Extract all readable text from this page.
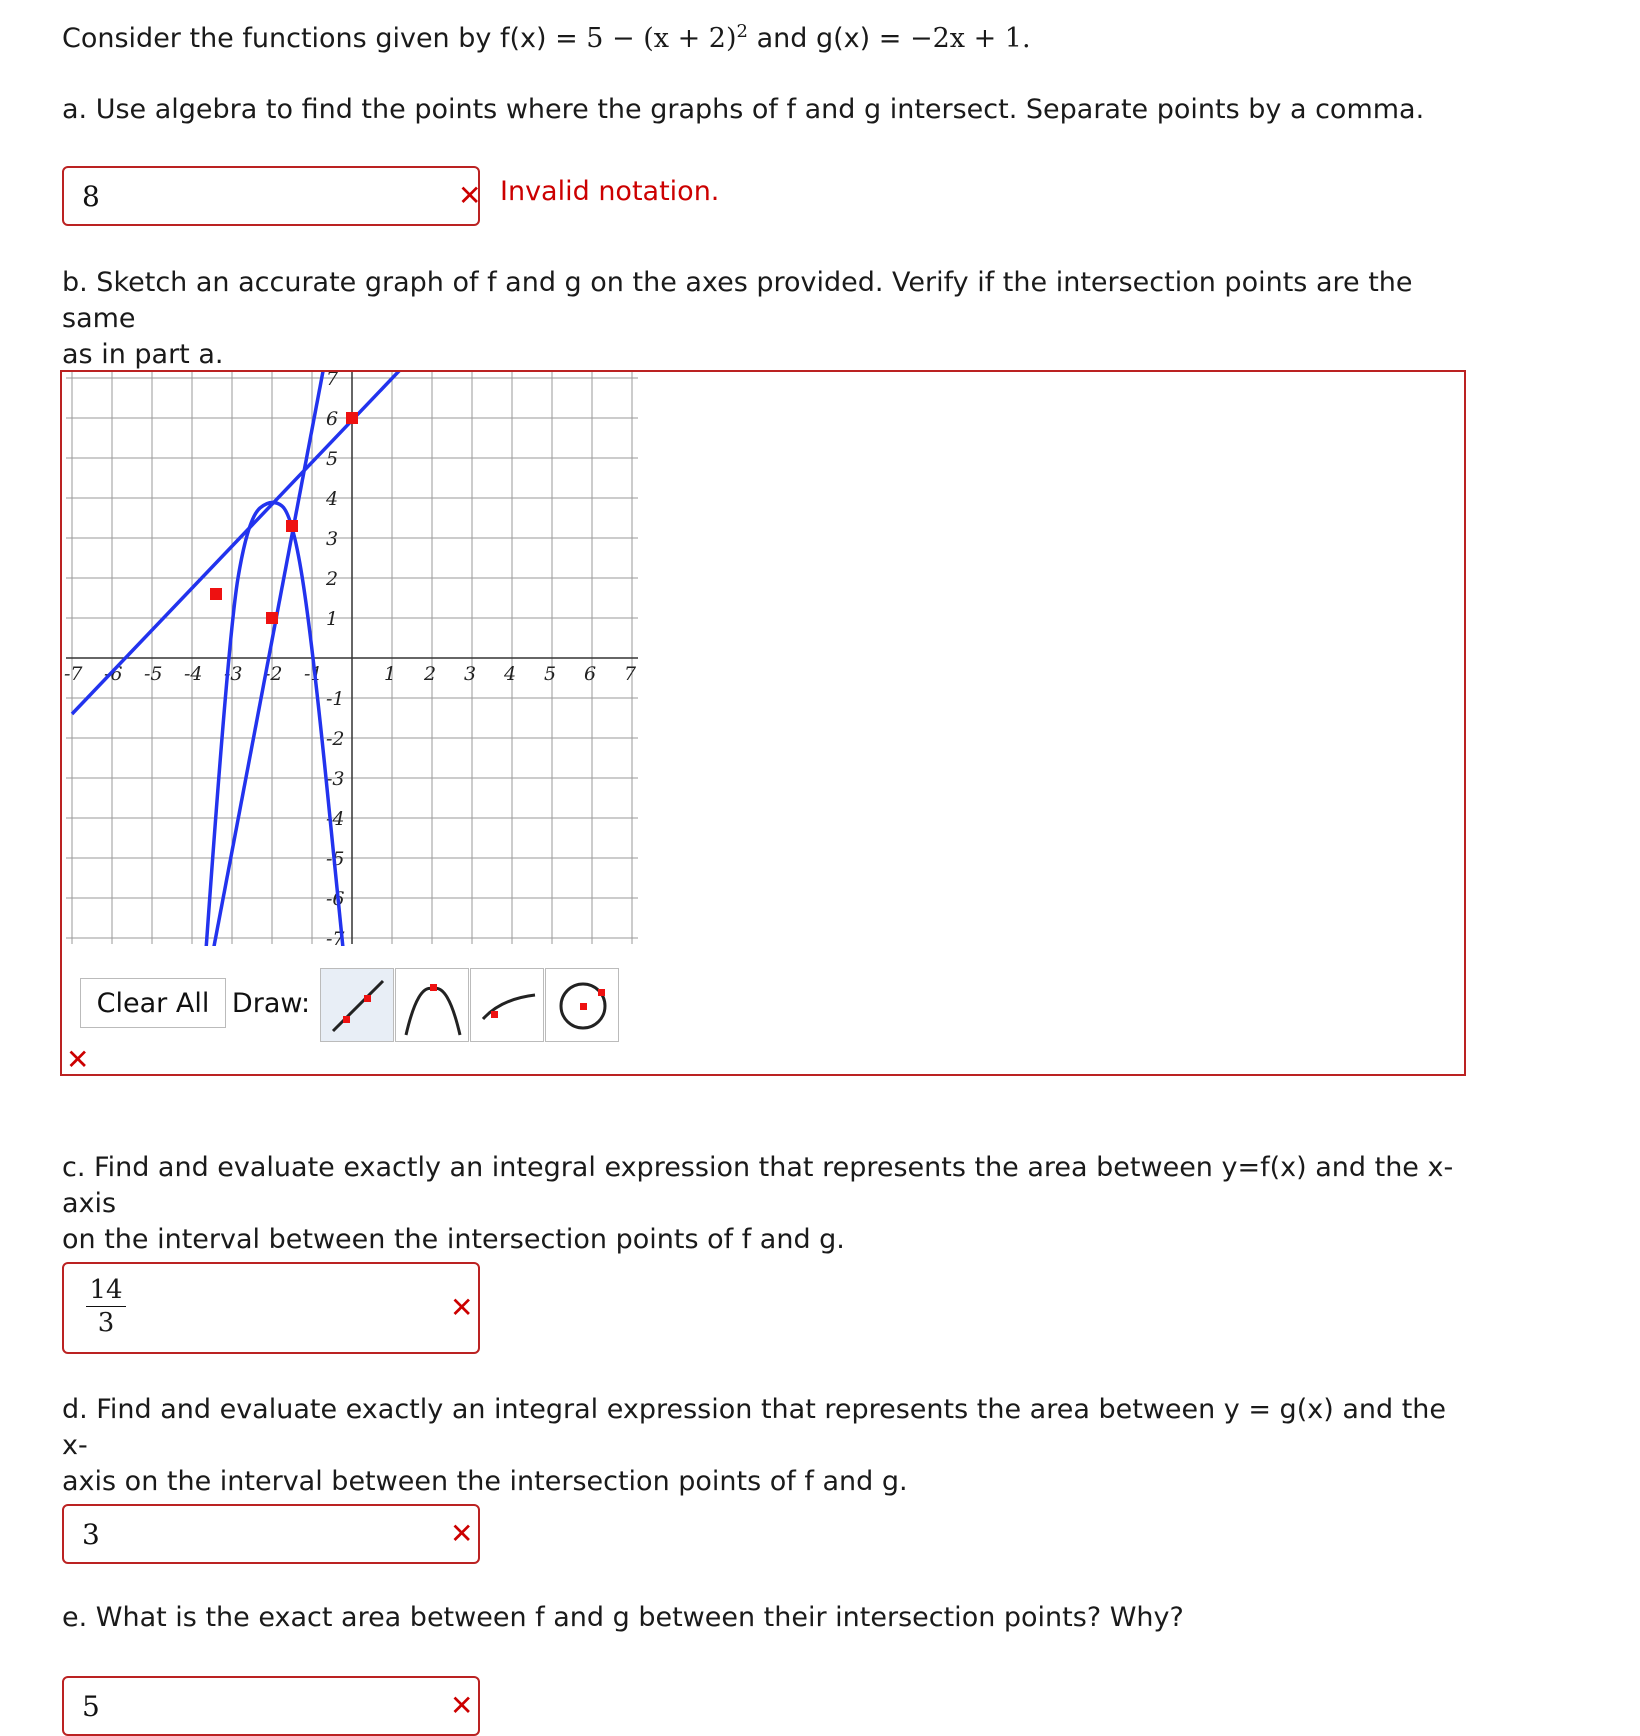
Consider the functions given by $f(x) = 5 - (x + 2)^2$ and g(x) = −2x + 1.
a. Use algebra to find the points where the graphs of f and g intersect. Separate points by a comma.
8	✕ Invalid notation.
b. Sketch an accurate graph of f and g on the axes provided. Verify if the intersection points are the same
as in part a.
-7 -6 -5 -4 -3 -2 -1	1 2 3 4 5 6 7
7
6
5
4
3
2
1
-1
-2
-3
-4
-5
-6
-7
Clear All Draw:
✕
c. Find and evaluate exactly an integral expression that represents the area between y=f(x) and the x-axis
on the interval between the intersection points of f and g.
$\frac{14}{3}$	✕
d. Find and evaluate exactly an integral expression that represents the area between y = g(x) and the x-
axis on the interval between the intersection points of f and g.
3	✕
e. What is the exact area between f and g between their intersection points? Why?
5	✕
